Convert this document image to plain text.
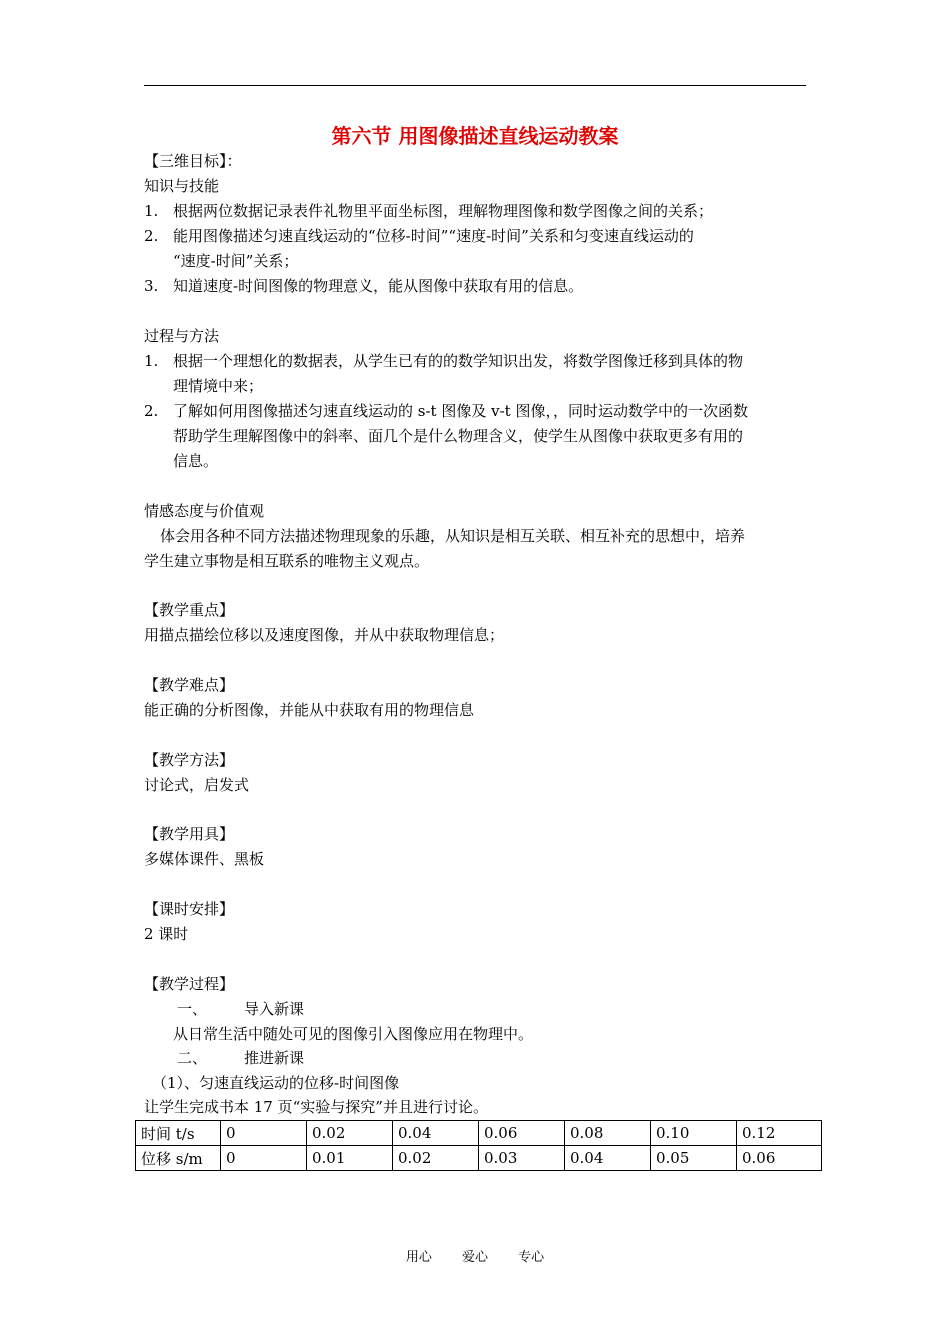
第六节 用图像描述直线运动教案
【三维目标】：
知识与技能
1. 根据两位数据记录表件礼物里平面坐标图，理解物理图像和数学图像之间的关系；
2. 能用图像描述匀速直线运动的“位移-时间”“速度-时间”关系和匀变速直线运动的
“速度-时间”关系；
3. 知道速度-时间图像的物理意义，能从图像中获取有用的信息。
过程与方法
1. 根据一个理想化的数据表，从学生已有的的数学知识出发，将数学图像迁移到具体的物
理情境中来；
2. 了解如何用图像描述匀速直线运动的 s-t 图像及 v-t 图像，，同时运动数学中的一次函数
帮助学生理解图像中的斜率、面几个是什么物理含义，使学生从图像中获取更多有用的
信息。
情感态度与价值观
体会用各种不同方法描述物理现象的乐趣，从知识是相互关联、相互补充的思想中，培养
学生建立事物是相互联系的唯物主义观点。
【教学重点】
用描点描绘位移以及速度图像，并从中获取物理信息；
【教学难点】
能正确的分析图像，并能从中获取有用的物理信息
【教学方法】
讨论式，启发式
【教学用具】
多媒体课件、黑板
【课时安排】
2 课时
【教学过程】
一、 导入新课
从日常生活中随处可见的图像引入图像应用在物理中。
二、 推进新课
（1）、匀速直线运动的位移-时间图像
让学生完成书本 17 页“实验与探究”并且进行讨论。
时间 t/s	0	0.02	0.04	0.06	0.08	0.10	0.12
位移 s/m	0	0.01	0.02	0.03	0.04	0.05	0.06
用心 爱心 专心
